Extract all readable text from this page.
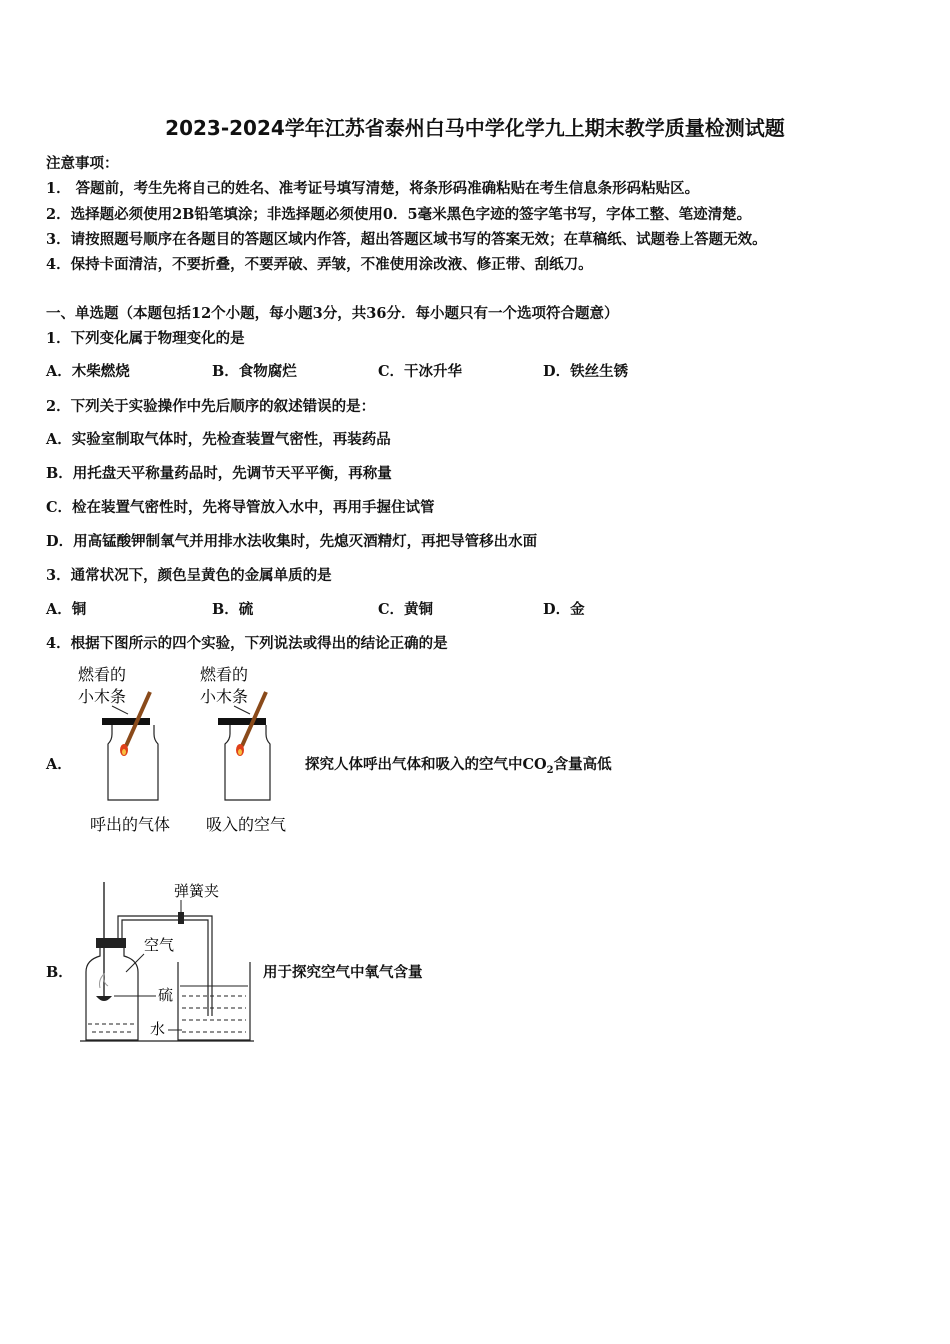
2023-2024学年江苏省泰州白马中学化学九上期末教学质量检测试题
注意事项：
1． 答题前，考生先将自己的姓名、准考证号填写清楚，将条形码准确粘贴在考生信息条形码粘贴区。
2．选择题必须使用2B铅笔填涂；非选择题必须使用0．5毫米黑色字迹的签字笔书写，字体工整、笔迹清楚。
3．请按照题号顺序在各题目的答题区域内作答，超出答题区域书写的答案无效；在草稿纸、试题卷上答题无效。
4．保持卡面清洁，不要折叠，不要弄破、弄皱，不准使用涂改液、修正带、刮纸刀。
一、单选题（本题包括12个小题，每小题3分，共36分．每小题只有一个选项符合题意）
1．下列变化属于物理变化的是
A．木柴燃烧	B．食物腐烂	C．干冰升华	D．铁丝生锈
2．下列关于实验操作中先后顺序的叙述错误的是：
A．实验室制取气体时，先检查装置气密性，再装药品
B．用托盘天平称量药品时，先调节天平平衡，再称量
C．检在装置气密性时，先将导管放入水中，再用手握住试管
D．用高锰酸钾制氧气并用排水法收集时，先熄灭酒精灯，再把导管移出水面
3．通常状况下，颜色呈黄色的金属单质的是
A．铜	B．硫	C．黄铜	D．金
4．根据下图所示的四个实验，下列说法或得出的结论正确的是
A．	探究人体呼出气体和吸入的空气中$CO_2$含量高低
燃看的
小木条
呼出的气体
燃看的
小木条
吸入的空气
B．	用于探究空气中氧气含量
弹簧夹
空气
硫
水
